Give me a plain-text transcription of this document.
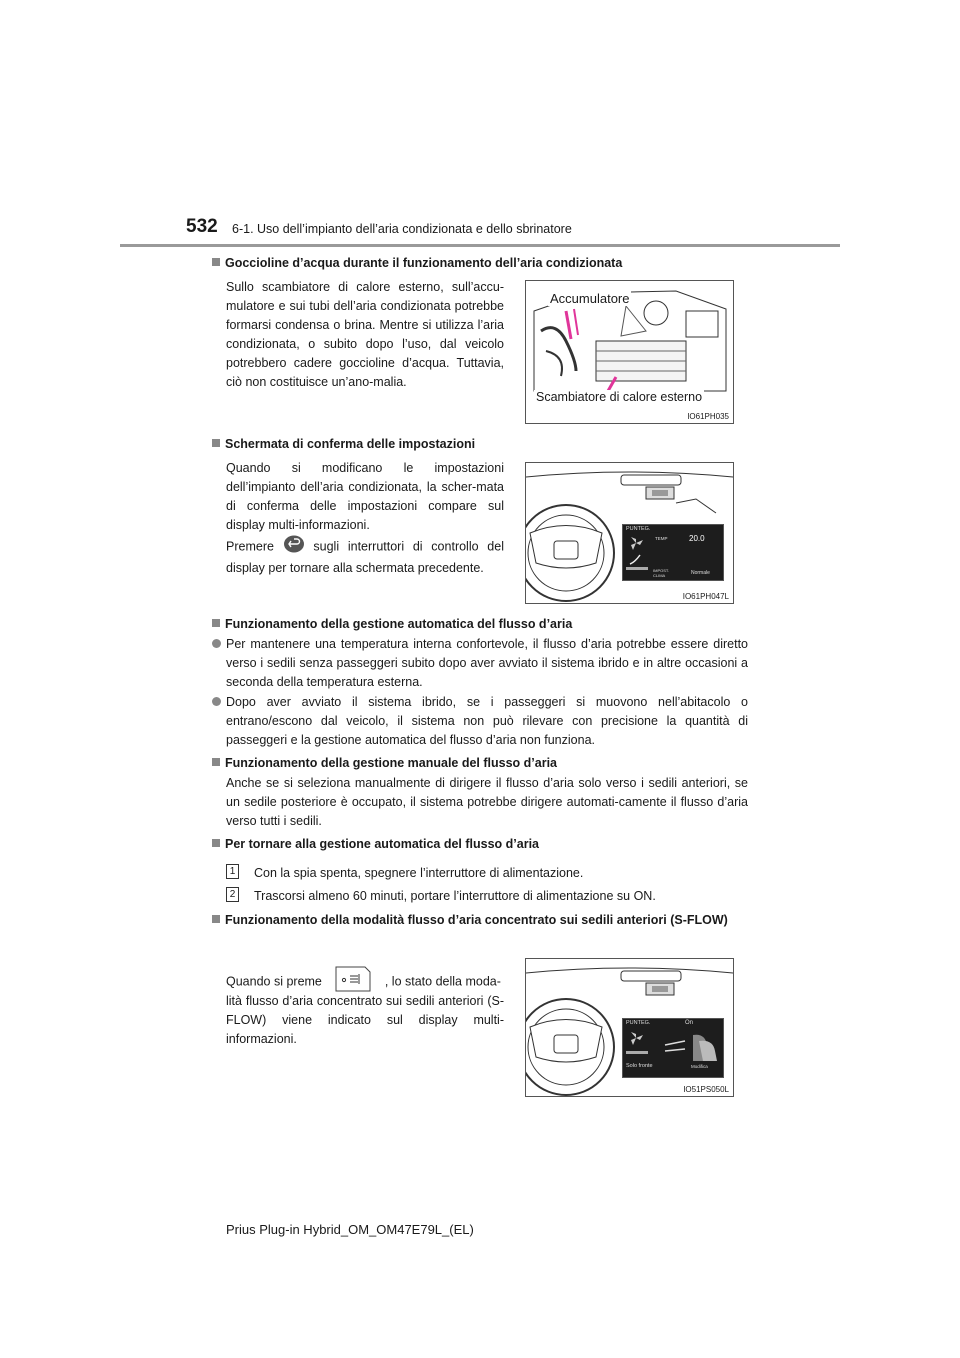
532 6-1. Uso dell’impianto dell’aria condizionata e dello sbrinatore
Goccioline d’acqua durante il funzionamento dell’aria condizionata
Sullo scambiatore di calore esterno, sull’accu-mulatore e sui tubi dell’aria condizionata potrebbe formarsi condensa o brina. Mentre si utilizza l’aria condizionata, o subito dopo l’uso, dal veicolo potrebbero cadere goccioline d’acqua. Tuttavia, ciò non costituisce un’ano-malia.
Accumulatore
Scambiatore di calore esterno
IO61PH035
Schermata di conferma delle impostazioni
Quando si modificano le impostazioni dell’impianto dell’aria condizionata, la scher-mata di conferma delle impostazioni compare sul display multi-informazioni.
Premere	sugli interruttori di controllo del display per tornare alla schermata precedente.
PUNTEG.
TEMP	20.0
IMPOST.
CLIMA	Normale
IO61PH047L
Funzionamento della gestione automatica del flusso d’aria
Per mantenere una temperatura interna confortevole, il flusso d’aria potrebbe essere diretto verso i sedili senza passeggeri subito dopo aver avviato il sistema ibrido e in altre occasioni a seconda della temperatura esterna.
Dopo aver avviato il sistema ibrido, se i passeggeri si muovono nell’abitacolo o entrano/escono dal veicolo, il sistema non può rilevare con precisione la quantità di passeggeri e la gestione automatica del flusso d’aria non funziona.
Funzionamento della gestione manuale del flusso d’aria
Anche se si seleziona manualmente di dirigere il flusso d’aria solo verso i sedili anteriori, se un sedile posteriore è occupato, il sistema potrebbe dirigere automati-camente il flusso d’aria verso tutti i sedili.
Per tornare alla gestione automatica del flusso d’aria
1 Con la spia spenta, spegnere l’interruttore di alimentazione.
2 Trascorsi almeno 60 minuti, portare l’interruttore di alimentazione su ON.
Funzionamento della modalità flusso d’aria concentrato sui sedili anteriori (S-FLOW)
Quando si preme	, lo stato della moda-
lità flusso d’aria concentrato sui sedili anteriori (S-FLOW) viene indicato sul display multi-informazioni.
PUNTEG.	On
Solo fronte	Modifica
IO51PS050L
Prius Plug-in Hybrid_OM_OM47E79L_(EL)
